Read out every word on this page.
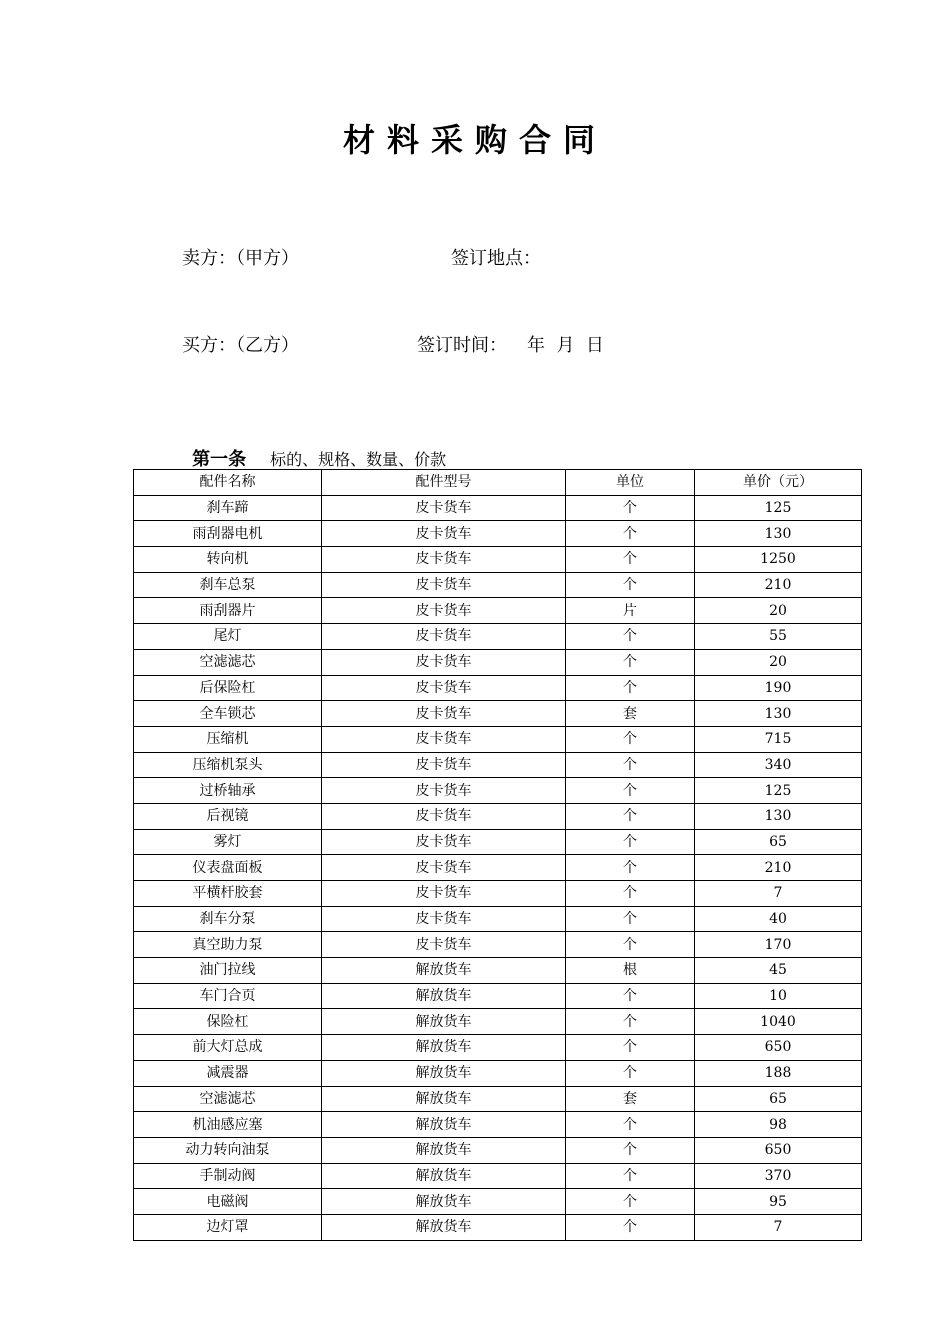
材料采购合同
卖方：（甲方）	签订地点：
买方：（乙方）	签订时间： 年  月  日

第一条 标的、规格、数量、价款

配件名称	配件型号	单位	单价（元）
刹车蹄	皮卡货车	个	125
雨刮器电机	皮卡货车	个	130
转向机	皮卡货车	个	1250
刹车总泵	皮卡货车	个	210
雨刮器片	皮卡货车	片	20
尾灯	皮卡货车	个	55
空滤滤芯	皮卡货车	个	20
后保险杠	皮卡货车	个	190
全车锁芯	皮卡货车	套	130
压缩机	皮卡货车	个	715
压缩机泵头	皮卡货车	个	340
过桥轴承	皮卡货车	个	125
后视镜	皮卡货车	个	130
雾灯	皮卡货车	个	65
仪表盘面板	皮卡货车	个	210
平横杆胶套	皮卡货车	个	7
刹车分泵	皮卡货车	个	40
真空助力泵	皮卡货车	个	170
油门拉线	解放货车	根	45
车门合页	解放货车	个	10
保险杠	解放货车	个	1040
前大灯总成	解放货车	个	650
减震器	解放货车	个	188
空滤滤芯	解放货车	套	65
机油感应塞	解放货车	个	98
动力转向油泵	解放货车	个	650
手制动阀	解放货车	个	370
电磁阀	解放货车	个	95
边灯罩	解放货车	个	7
